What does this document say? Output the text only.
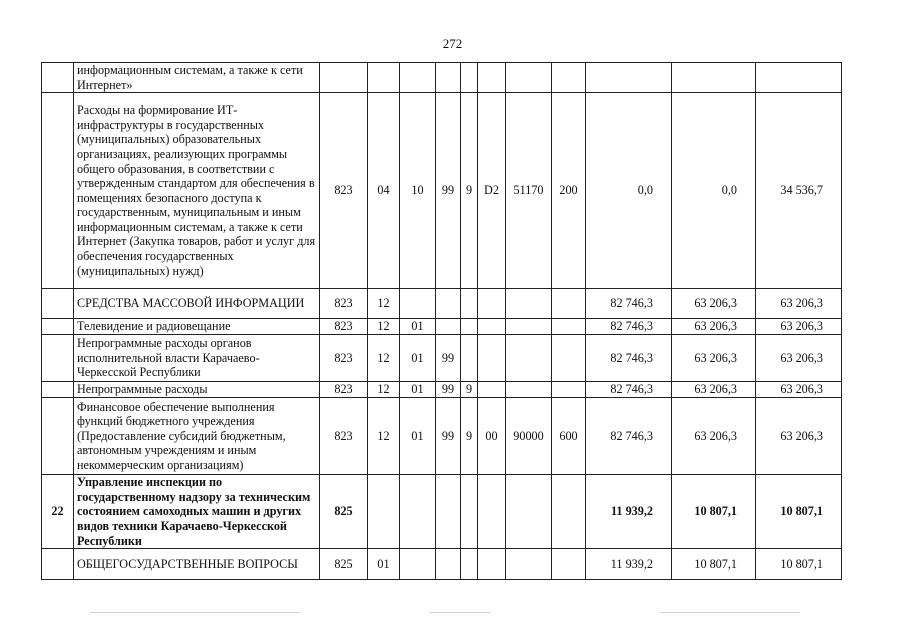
272
	информационным системам, а также к сети Интернет»											
	Расходы на формирование ИТ-инфраструктуры в государственных (муниципальных) образовательных организациях, реализующих программы общего образования, в соответствии с утвержденным стандартом для обеспечения в помещениях безопасного доступа к государственным, муниципальным и иным информационным системам, а также к сети Интернет (Закупка товаров, работ и услуг для обеспечения государственных (муниципальных) нужд)	823	04	10	99	9	D2	51170	200	0,0	0,0	34 536,7
	СРЕДСТВА МАССОВОЙ ИНФОРМАЦИИ	823	12							82 746,3	63 206,3	63 206,3
	Телевидение и радиовещание	823	12	01						82 746,3	63 206,3	63 206,3
	Непрограммные расходы органов исполнительной власти Карачаево-Черкесской Республики	823	12	01	99					82 746,3	63 206,3	63 206,3
	Непрограммные расходы	823	12	01	99	9				82 746,3	63 206,3	63 206,3
	Финансовое обеспечение выполнения функций бюджетного учреждения (Предоставление субсидий бюджетным, автономным учреждениям и иным некоммерческим организациям)	823	12	01	99	9	00	90000	600	82 746,3	63 206,3	63 206,3
22	Управление инспекции по государственному надзору за техническим состоянием самоходных машин и других видов техники Карачаево-Черкесской Республики	825								11 939,2	10 807,1	10 807,1
	ОБЩЕГОСУДАРСТВЕННЫЕ ВОПРОСЫ	825	01							11 939,2	10 807,1	10 807,1
